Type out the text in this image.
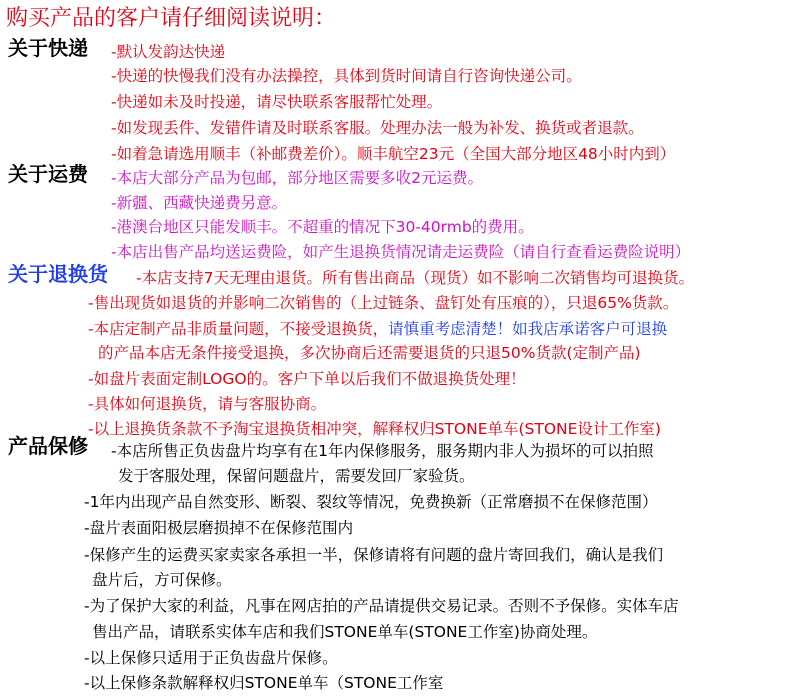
购买产品的客户请仔细阅读说明：
关于快递 -默认发韵达快递
-快递的快慢我们没有办法操控，具体到货时间请自行咨询快递公司。
-快递如未及时投递，请尽快联系客服帮忙处理。
-如发现丢件、发错件请及时联系客服。处理办法一般为补发、换货或者退款。
-如着急请选用顺丰（补邮费差价）。顺丰航空23元（全国大部分地区48小时内到）
关于运费 -本店大部分产品为包邮，部分地区需要多收2元运费。
-新疆、西藏快递费另意。
-港澳台地区只能发顺丰。不超重的情况下30-40rmb的费用。
-本店出售产品均送运费险，如产生退换货情况请走运费险（请自行查看运费险说明）
关于退换货 -本店支持7天无理由退货。所有售出商品（现货）如不影响二次销售均可退换货。
-售出现货如退货的并影响二次销售的（上过链条、盘钉处有压痕的），只退65%货款。
-本店定制产品非质量问题，不接受退换货，请慎重考虑清楚！如我店承诺客户可退换
的产品本店无条件接受退换，多次协商后还需要退货的只退50%货款(定制产品)
-如盘片表面定制LOGO的。客户下单以后我们不做退换货处理！
-具体如何退换货，请与客服协商。
-以上退换货条款不予淘宝退换货相冲突，解释权归STONE单车(STONE设计工作室)
产品保修 -本店所售正负齿盘片均享有在1年内保修服务，服务期内非人为损坏的可以拍照
发于客服处理，保留问题盘片，需要发回厂家验货。
-1年内出现产品自然变形、断裂、裂纹等情况，免费换新（正常磨损不在保修范围）
-盘片表面阳极层磨损掉不在保修范围内
-保修产生的运费买家卖家各承担一半，保修请将有问题的盘片寄回我们，确认是我们
盘片后，方可保修。
-为了保护大家的利益，凡事在网店拍的产品请提供交易记录。否则不予保修。实体车店
售出产品，请联系实体车店和我们STONE单车(STONE工作室)协商处理。
-以上保修只适用于正负齿盘片保修。
-以上保修条款解释权归STONE单车（STONE工作室
